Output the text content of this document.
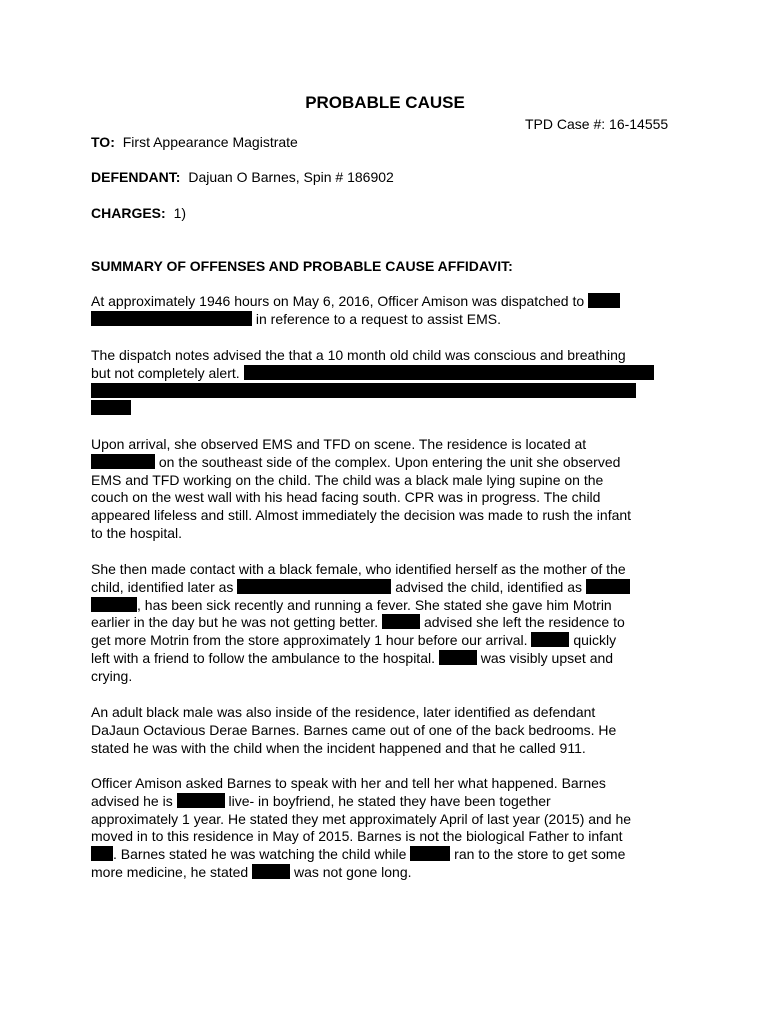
PROBABLE CAUSE
TPD Case #: 16-14555
TO: First Appearance Magistrate
DEFENDANT: Dajuan O Barnes, Spin # 186902
CHARGES: 1)
SUMMARY OF OFFENSES AND PROBABLE CAUSE AFFIDAVIT:
At approximately 1946 hours on May 6, 2016, Officer Amison was dispatched to
in reference to a request to assist EMS.
The dispatch notes advised the that a 10 month old child was conscious and breathing
but not completely alert.
Upon arrival, she observed EMS and TFD on scene. The residence is located at
on the southeast side of the complex. Upon entering the unit she observed
EMS and TFD working on the child. The child was a black male lying supine on the
couch on the west wall with his head facing south. CPR was in progress. The child
appeared lifeless and still. Almost immediately the decision was made to rush the infant
to the hospital.
She then made contact with a black female, who identified herself as the mother of the
child, identified later as	advised the child, identified as
, has been sick recently and running a fever. She stated she gave him Motrin
earlier in the day but he was not getting better.	advised she left the residence to
get more Motrin from the store approximately 1 hour before our arrival.	quickly
left with a friend to follow the ambulance to the hospital.	was visibly upset and
crying.
An adult black male was also inside of the residence, later identified as defendant
DaJaun Octavious Derae Barnes. Barnes came out of one of the back bedrooms. He
stated he was with the child when the incident happened and that he called 911.
Officer Amison asked Barnes to speak with her and tell her what happened. Barnes
advised he is	live- in boyfriend, he stated they have been together
approximately 1 year. He stated they met approximately April of last year (2015) and he
moved in to this residence in May of 2015. Barnes is not the biological Father to infant
. Barnes stated he was watching the child while	ran to the store to get some
more medicine, he stated	was not gone long.
